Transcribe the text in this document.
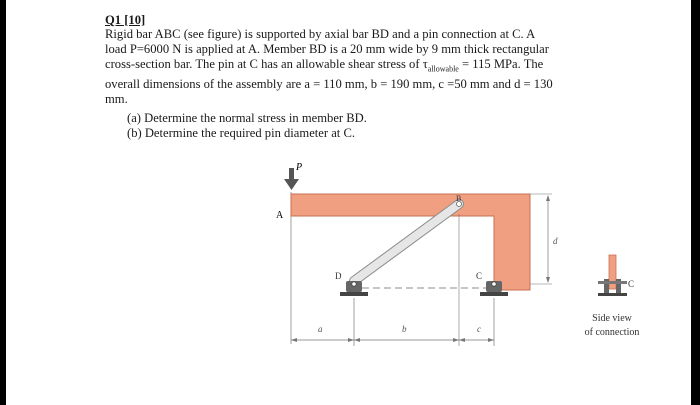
Q1 [10]

Rigid bar ABC (see figure) is supported by axial bar BD and a pin connection at C. A
load P=6000 N is applied at A. Member BD is a 20 mm wide by 9 mm thick rectangular
cross-section bar. The pin at C has an allowable shear stress of $\tau_{allowable} = 115$ MPa. The
overall dimensions of the assembly are a = 110 mm, b = 190 mm, c =50 mm and d = 130
mm.

(a) Determine the normal stress in member BD.
(b) Determine the required pin diameter at C.
P
A
B
D	C
a	b	c
d
C
Side view
of connection
